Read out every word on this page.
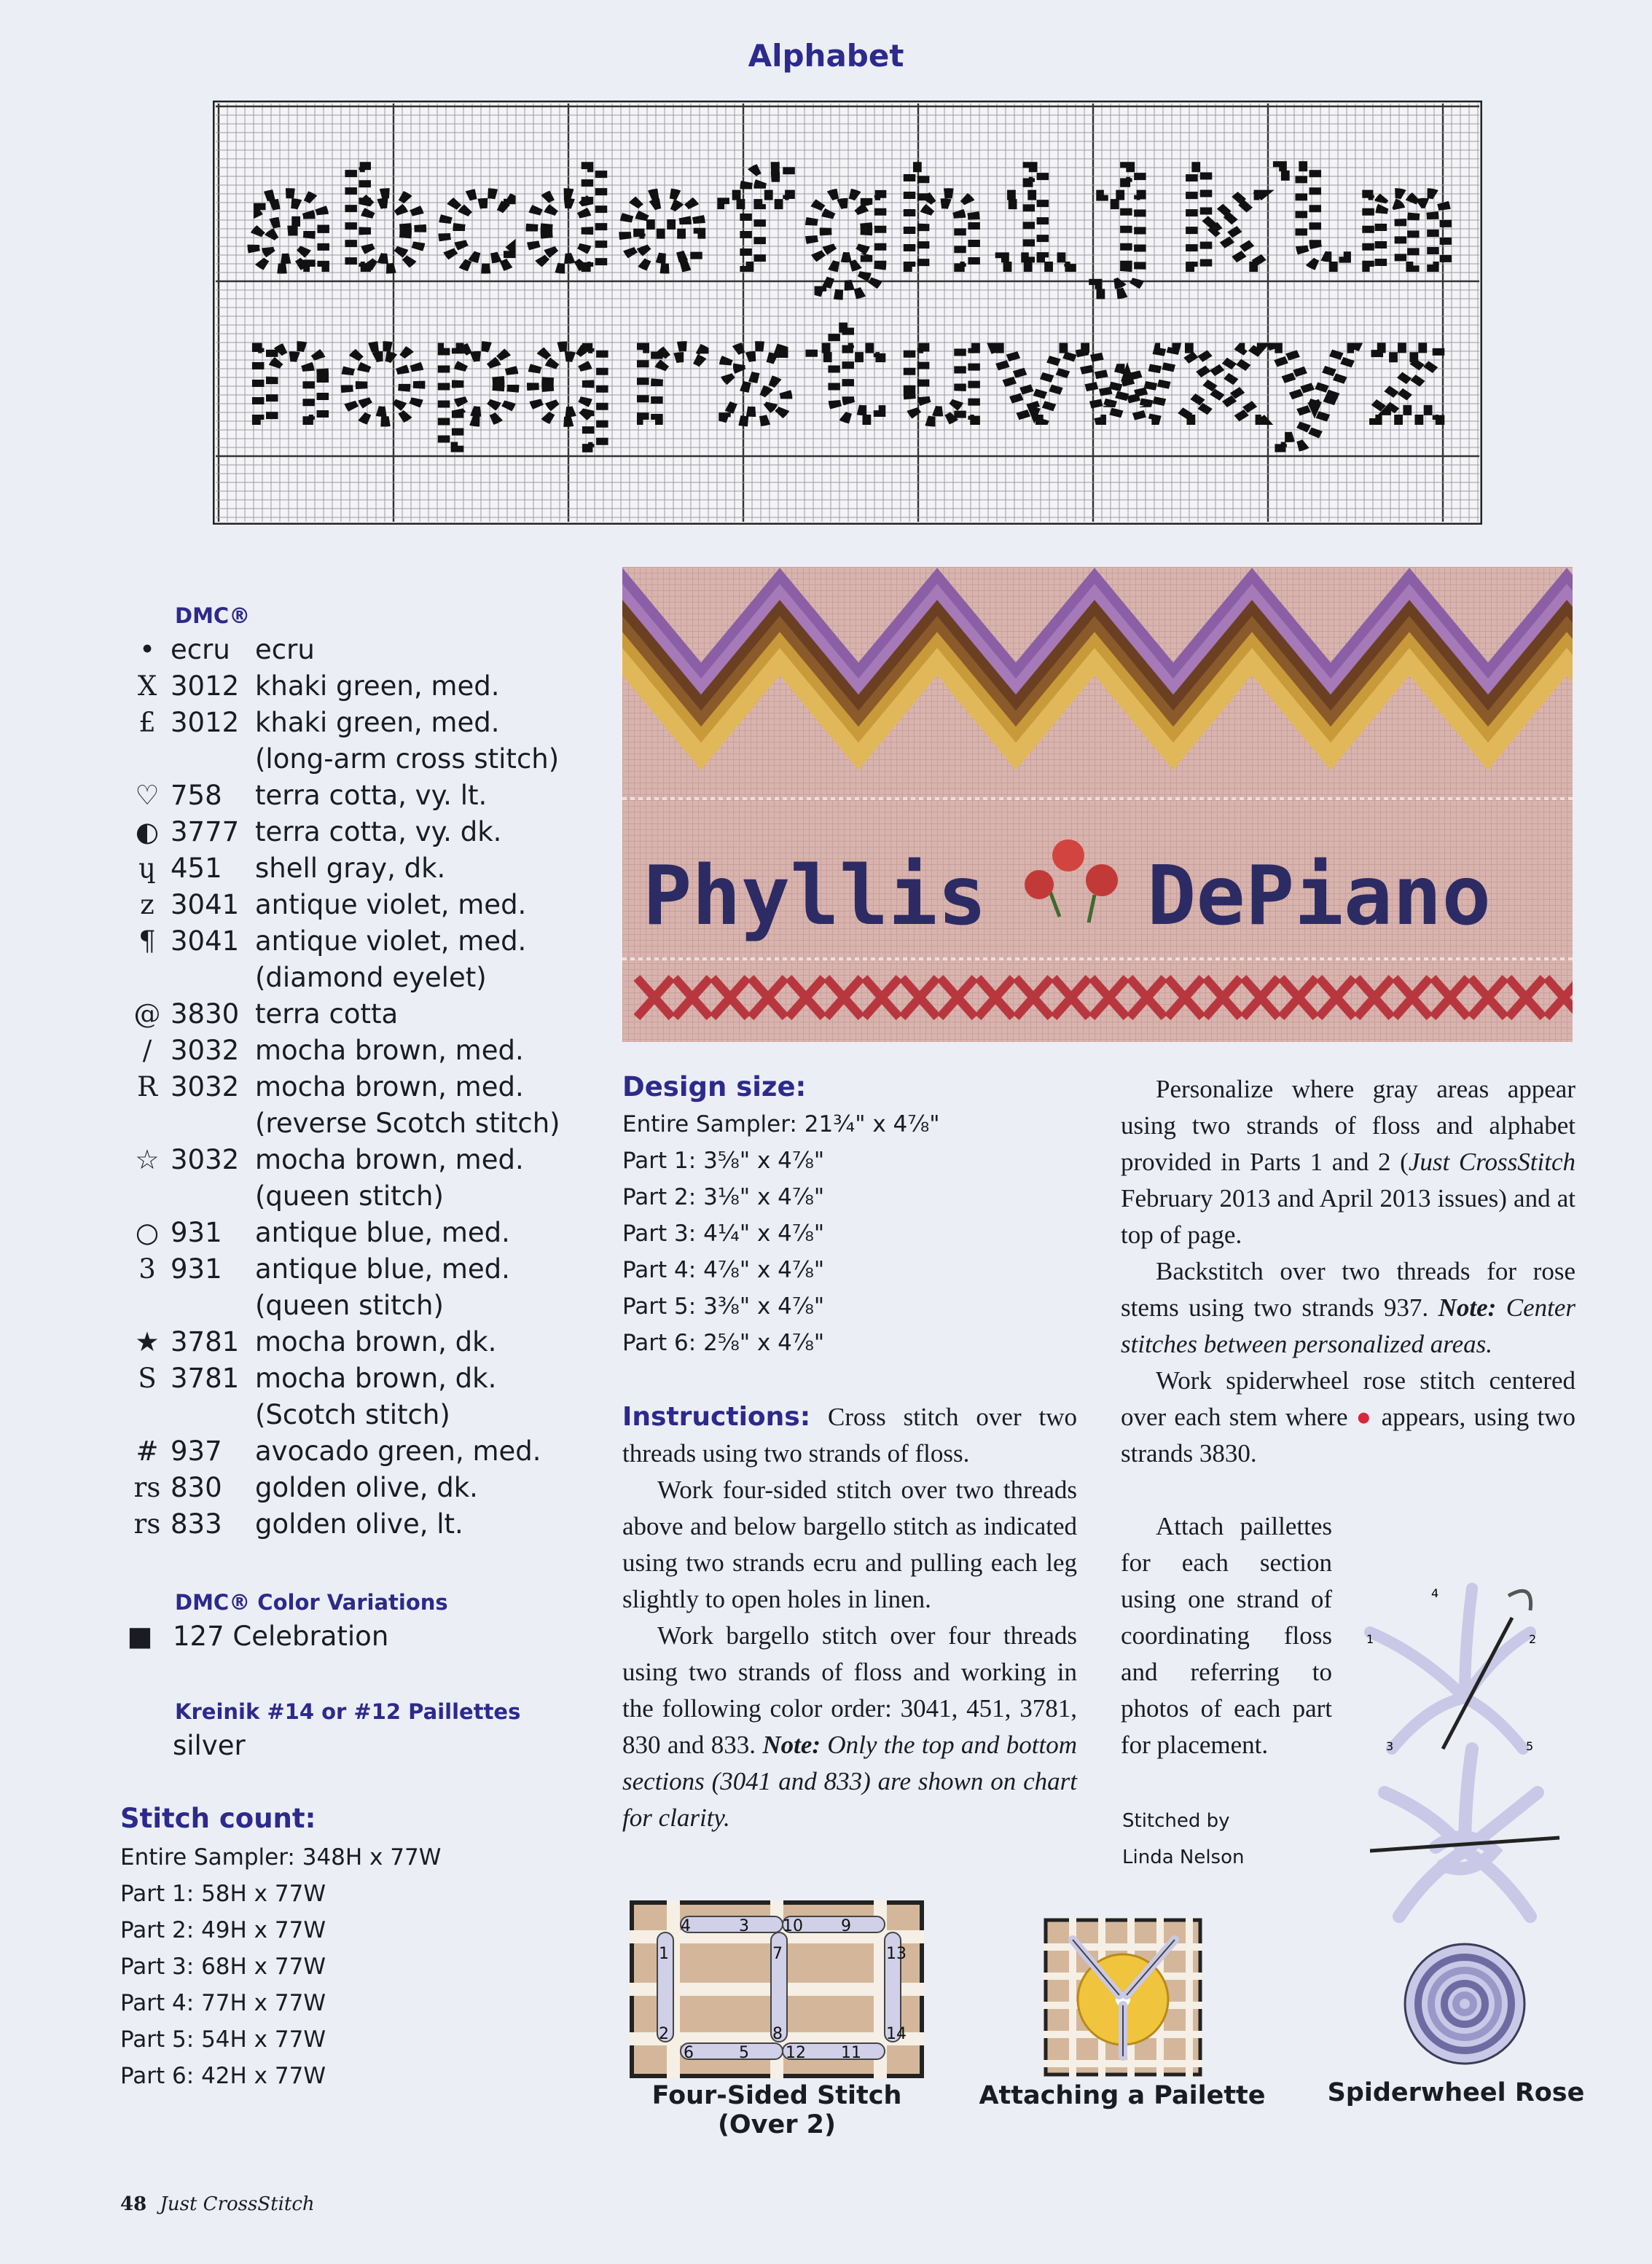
Alphabet
abcdefghijklm
nopqrstuvwxyz
DMC®
• ecru ecru
X 3012 khaki green, med.
£ 3012 khaki green, med.
(long-arm cross stitch)
♡ 758 terra cotta, vy. lt.
◐ 3777 terra cotta, vy. dk.
ɥ 451 shell gray, dk.
z 3041 antique violet, med.
¶ 3041 antique violet, med.
(diamond eyelet)
@ 3830 terra cotta
/ 3032 mocha brown, med.
R 3032 mocha brown, med.
(reverse Scotch stitch)
☆ 3032 mocha brown, med.
(queen stitch)
○ 931 antique blue, med.
3 931 antique blue, med.
(queen stitch)
★ 3781 mocha brown, dk.
S 3781 mocha brown, dk.
(Scotch stitch)
# 937 avocado green, med.
rs 830 golden olive, dk.
rs 833 golden olive, lt.
DMC® Color Variations
■ 127 Celebration
Kreinik #14 or #12 Paillettes
silver
Stitch count:
Entire Sampler: 348H x 77W
Part 1: 58H x 77W
Part 2: 49H x 77W
Part 3: 68H x 77W
Part 4: 77H x 77W
Part 5: 54H x 77W
Part 6: 42H x 77W
Phyllis DePiano
Design size:
Entire Sampler: 21¾" x 4⅞"
Part 1: 3⅝" x 4⅞"
Part 2: 3⅛" x 4⅞"
Part 3: 4¼" x 4⅞"
Part 4: 4⅞" x 4⅞"
Part 5: 3⅜" x 4⅞"
Part 6: 2⅝" x 4⅞"

Instructions: Cross stitch over two threads using two strands of floss.

Work four-sided stitch over two threads above and below bargello stitch as indicated using two strands ecru and pulling each leg slightly to open holes in linen.

Work bargello stitch over four threads using two strands of floss and working in the following color order: 3041, 451, 3781, 830 and 833. Note: Only the top and bottom sections (3041 and 833) are shown on chart for clarity.

Personalize where gray areas appear using two strands of floss and alphabet provided in Parts 1 and 2 (Just CrossStitch February 2013 and April 2013 issues) and at top of page.

Backstitch over two threads for rose stems using two strands 937. Note: Center stitches between personalized areas.

Work spiderwheel rose stitch centered over each stem where ● appears, using two strands 3830.

Attach paillettes for each section using one strand of coordinating floss and referring to photos of each part for placement.

Stitched by
Linda Nelson
1	2
3
4
5
1
2
3
4
5
6
7
8
9
10
11
12
13
14
Four-Sided Stitch
(Over 2)
Attaching a Pailette	Spiderwheel Rose
48 Just CrossStitch
